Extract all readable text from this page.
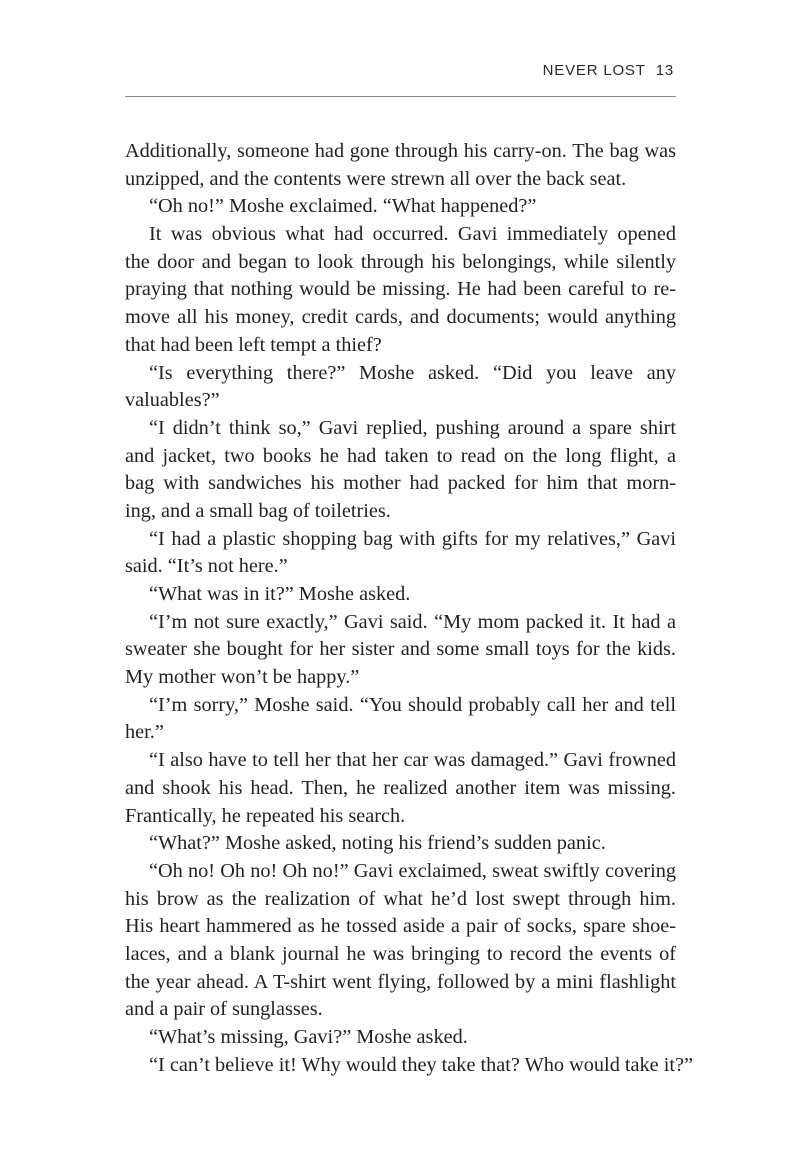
NEVER LOST 13
Additionally, someone had gone through his carry-on. The bag was
unzipped, and the contents were strewn all over the back seat.
“Oh no!” Moshe exclaimed. “What happened?”
It was obvious what had occurred. Gavi immediately opened
the door and began to look through his belongings, while silently
praying that nothing would be missing. He had been careful to re-
move all his money, credit cards, and documents; would anything
that had been left tempt a thief?
“Is everything there?” Moshe asked. “Did you leave any
valuables?”
“I didn’t think so,” Gavi replied, pushing around a spare shirt
and jacket, two books he had taken to read on the long flight, a
bag with sandwiches his mother had packed for him that morn-
ing, and a small bag of toiletries.
“I had a plastic shopping bag with gifts for my relatives,” Gavi
said. “It’s not here.”
“What was in it?” Moshe asked.
“I’m not sure exactly,” Gavi said. “My mom packed it. It had a
sweater she bought for her sister and some small toys for the kids.
My mother won’t be happy.”
“I’m sorry,” Moshe said. “You should probably call her and tell
her.”
“I also have to tell her that her car was damaged.” Gavi frowned
and shook his head. Then, he realized another item was missing.
Frantically, he repeated his search.
“What?” Moshe asked, noting his friend’s sudden panic.
“Oh no! Oh no! Oh no!” Gavi exclaimed, sweat swiftly covering
his brow as the realization of what he’d lost swept through him.
His heart hammered as he tossed aside a pair of socks, spare shoe-
laces, and a blank journal he was bringing to record the events of
the year ahead. A T-shirt went flying, followed by a mini flashlight
and a pair of sunglasses.
“What’s missing, Gavi?” Moshe asked.
“I can’t believe it! Why would they take that? Who would take it?”
